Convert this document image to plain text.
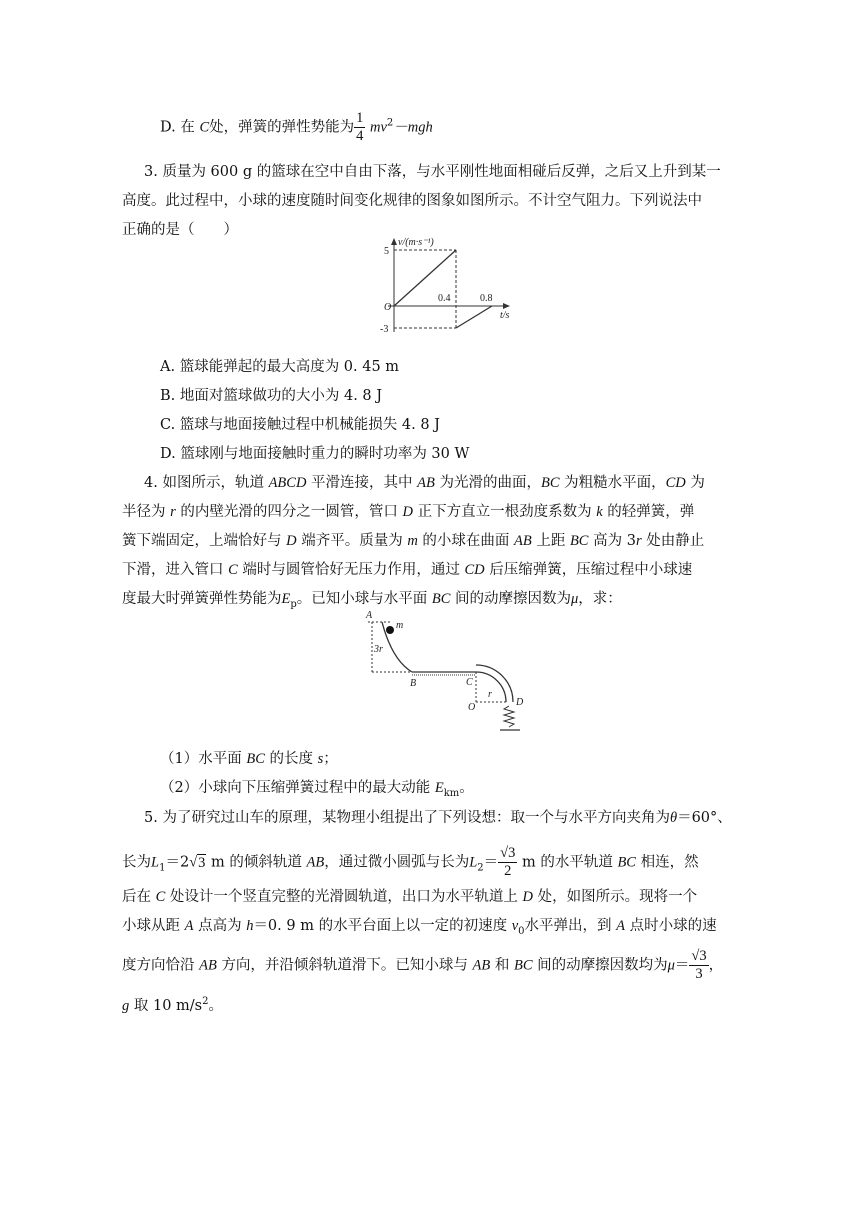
D. 在 C处，弹簧的弹性势能为 $\frac{1}{4} mv^2-mgh$
3. 质量为 600 g 的篮球在空中自由下落，与水平刚性地面相碰后反弹，之后又上升到某一
高度。此过程中，小球的速度随时间变化规律的图象如图所示。不计空气阻力。下列说法中
正确的是（　　）
v/(m·s⁻¹)
5
-3
O
0.4	0.8
t/s
A. 篮球能弹起的最大高度为 0. 45 m
B. 地面对篮球做功的大小为 4. 8 J
C. 篮球与地面接触过程中机械能损失 4. 8 J
D. 篮球刚与地面接触时重力的瞬时功率为 30 W
4. 如图所示，轨道 ABCD 平滑连接，其中 AB 为光滑的曲面，BC 为粗糙水平面，CD 为
半径为 r 的内壁光滑的四分之一圆管，管口 D 正下方直立一根劲度系数为 k 的轻弹簧，弹
簧下端固定，上端恰好与 D 端齐平。质量为 m 的小球在曲面 AB 上距 BC 高为 3r 处由静止
下滑，进入管口 C 端时与圆管恰好无压力作用，通过 CD 后压缩弹簧，压缩过程中小球速
度最大时弹簧弹性势能为$E_p$。已知小球与水平面 BC 间的动摩擦因数为μ，求：
A
m
3r
B	C
O
r
D
（1）水平面 BC 的长度 s；
（2）小球向下压缩弹簧过程中的最大动能 $E_{km}$。
5. 为了研究过山车的原理，某物理小组提出了下列设想：取一个与水平方向夹角为θ＝60°、
长为$L_1=2√3$ m 的倾斜轨道 AB，通过微小圆弧与长为$L_2= \frac{√3}{2}$ m 的水平轨道 BC 相连，然
后在 C 处设计一个竖直完整的光滑圆轨道，出口为水平轨道上 D 处，如图所示。现将一个
小球从距 A 点高为 h＝0. 9 m 的水平台面上以一定的初速度 $v_0$水平弹出，到 A 点时小球的速
度方向恰沿 AB 方向，并沿倾斜轨道滑下。已知小球与 AB 和 BC 间的动摩擦因数均为$\mu= \frac{√3}{3}$ ，
g 取 10 $m/s^2$。
